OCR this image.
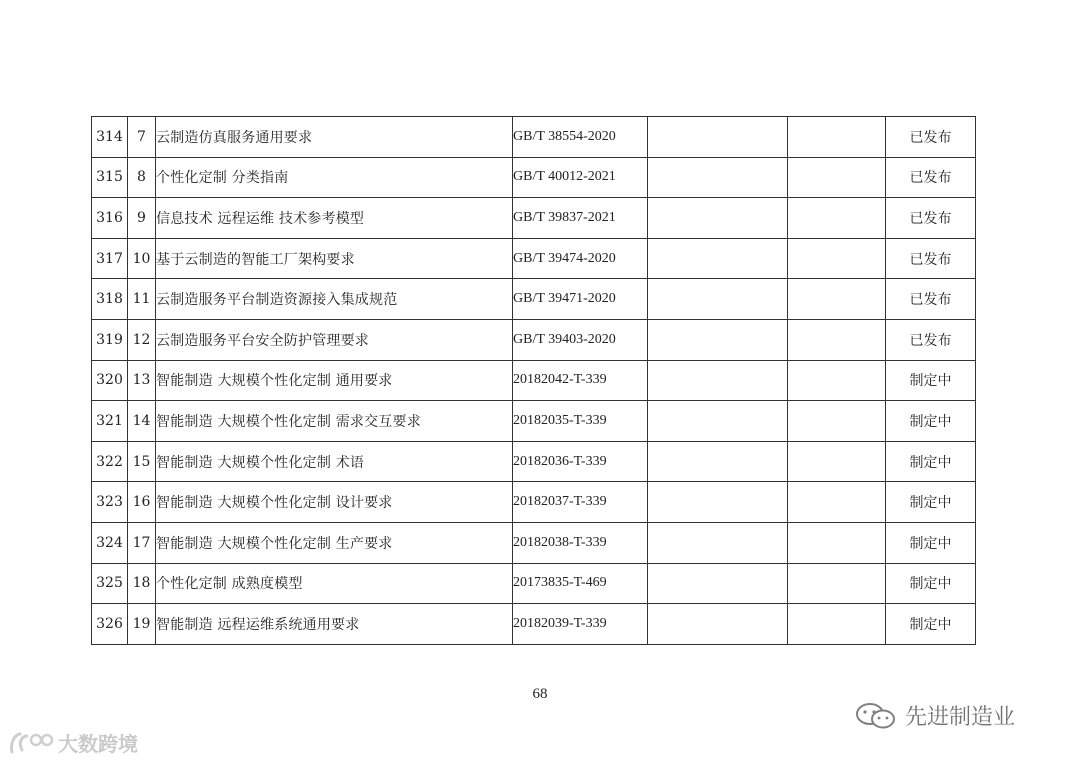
314	7	云制造仿真服务通用要求	GB/T 38554-2020			已发布
315	8	个性化定制 分类指南	GB/T 40012-2021			已发布
316	9	信息技术 远程运维 技术参考模型	GB/T 39837-2021			已发布
317	10	基于云制造的智能工厂架构要求	GB/T 39474-2020			已发布
318	11	云制造服务平台制造资源接入集成规范	GB/T 39471-2020			已发布
319	12	云制造服务平台安全防护管理要求	GB/T 39403-2020			已发布
320	13	智能制造 大规模个性化定制 通用要求	20182042-T-339			制定中
321	14	智能制造 大规模个性化定制 需求交互要求	20182035-T-339			制定中
322	15	智能制造 大规模个性化定制 术语	20182036-T-339			制定中
323	16	智能制造 大规模个性化定制 设计要求	20182037-T-339			制定中
324	17	智能制造 大规模个性化定制 生产要求	20182038-T-339			制定中
325	18	个性化定制 成熟度模型	20173835-T-469			制定中
326	19	智能制造 远程运维系统通用要求	20182039-T-339			制定中
68
先进制造业
大数跨境
